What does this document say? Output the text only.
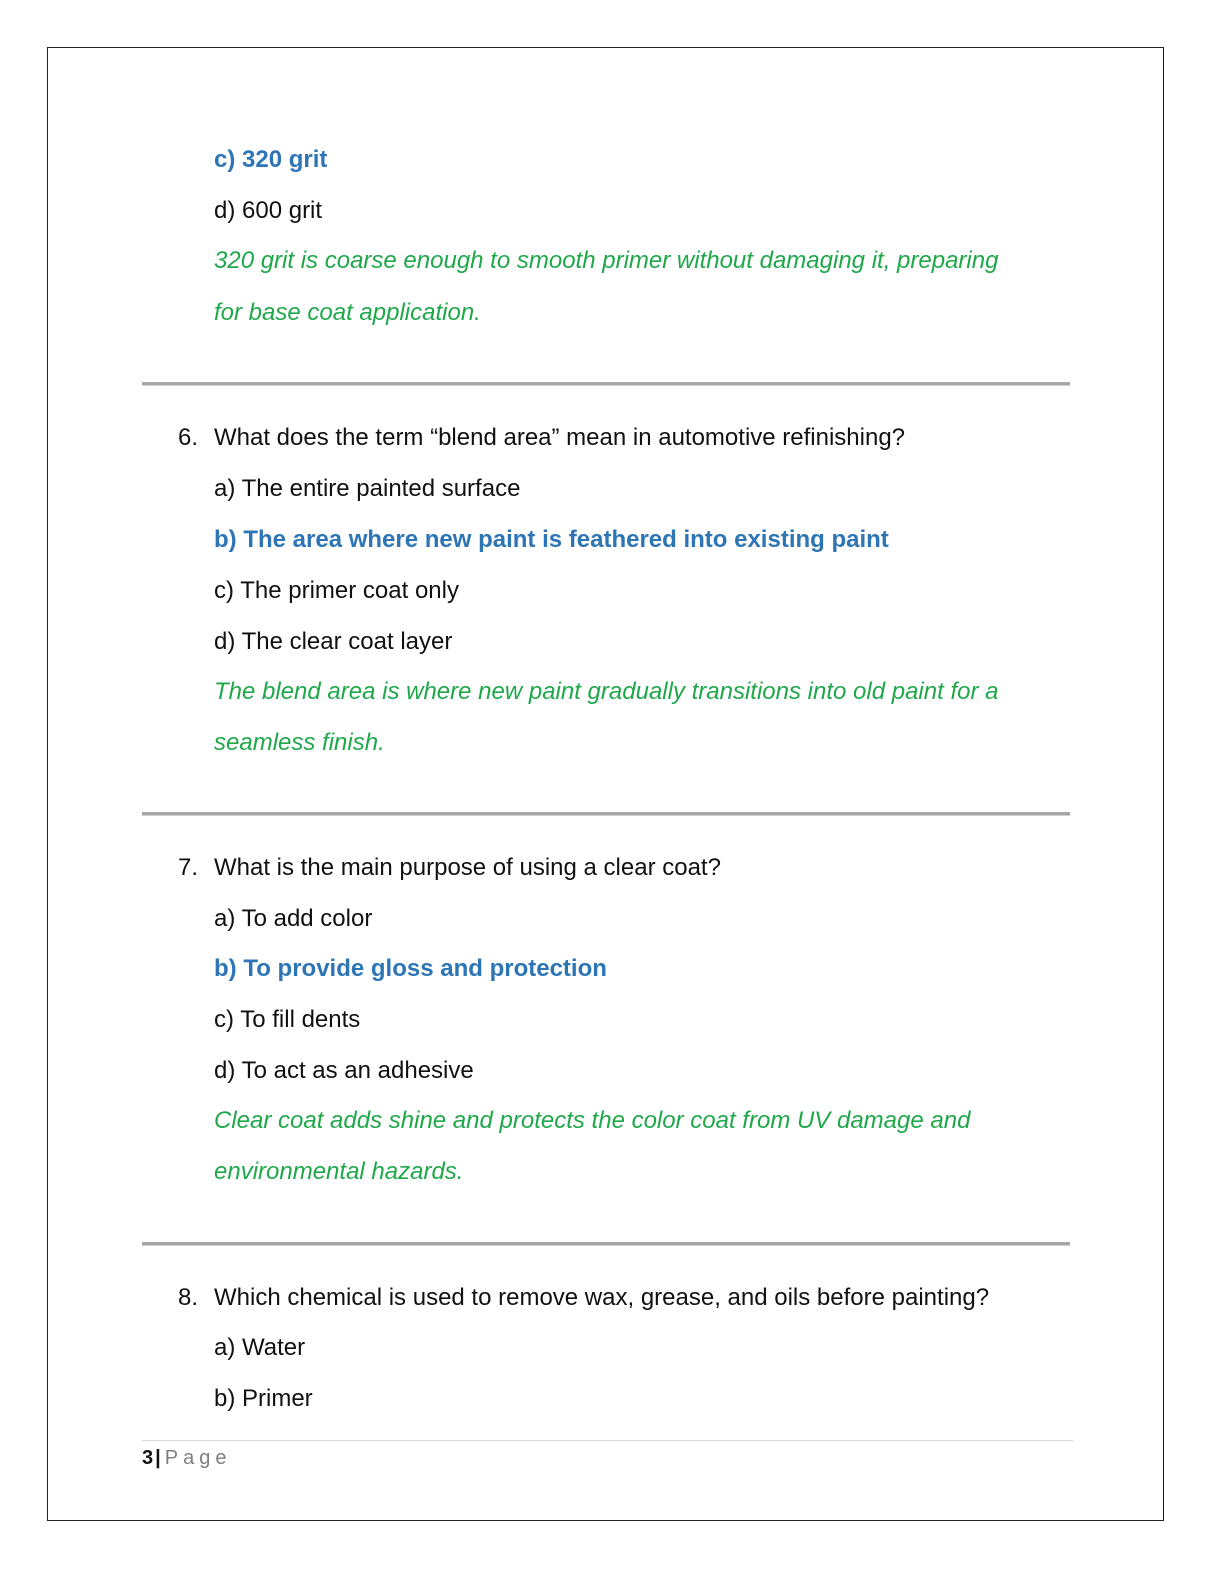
c) 320 grit
d) 600 grit
320 grit is coarse enough to smooth primer without damaging it, preparing
for base coat application.
6. What does the term “blend area” mean in automotive refinishing?
a) The entire painted surface
b) The area where new paint is feathered into existing paint
c) The primer coat only
d) The clear coat layer
The blend area is where new paint gradually transitions into old paint for a
seamless finish.
7. What is the main purpose of using a clear coat?
a) To add color
b) To provide gloss and protection
c) To fill dents
d) To act as an adhesive
Clear coat adds shine and protects the color coat from UV damage and
environmental hazards.
8. Which chemical is used to remove wax, grease, and oils before painting?
a) Water
b) Primer
3 | Page
